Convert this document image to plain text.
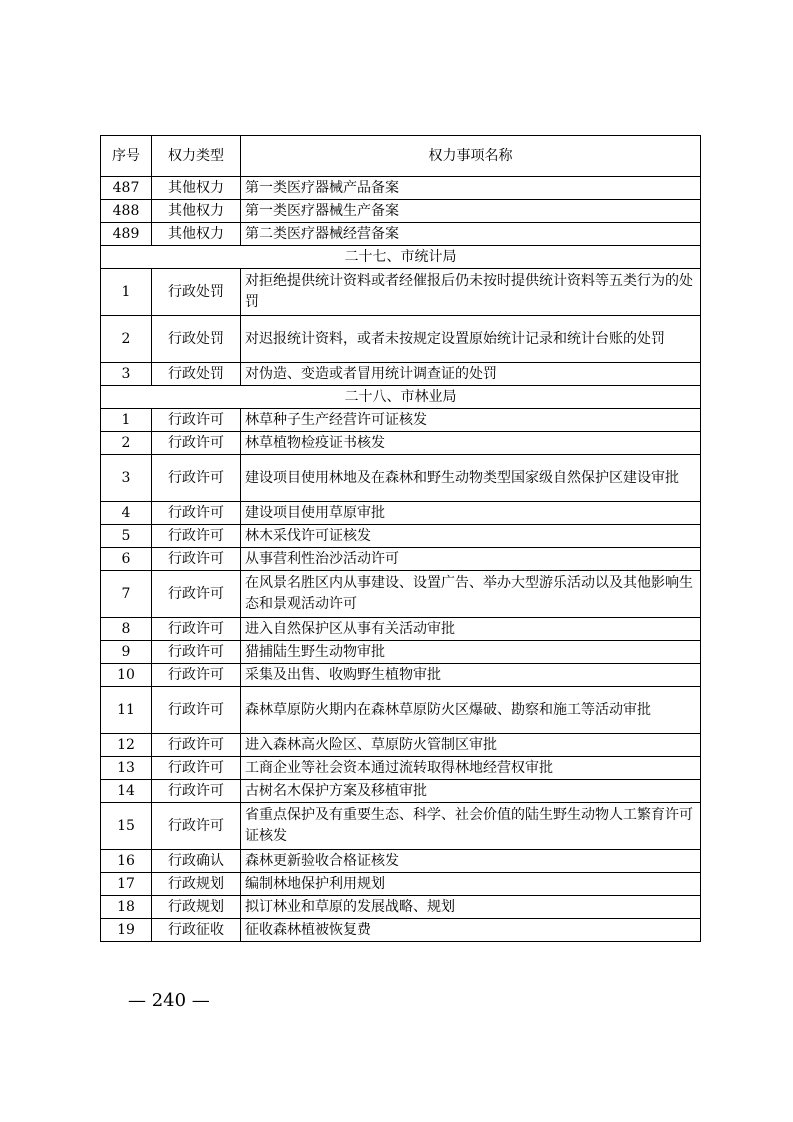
序号	权力类型	权力事项名称
487	其他权力	第一类医疗器械产品备案
488	其他权力	第一类医疗器械生产备案
489	其他权力	第二类医疗器械经营备案
二十七、市统计局		
1	行政处罚	对拒绝提供统计资料或者经催报后仍未按时提供统计资料等五类行为的处罚
2	行政处罚	对迟报统计资料，或者未按规定设置原始统计记录和统计台账的处罚
3	行政处罚	对伪造、变造或者冒用统计调查证的处罚
二十八、市林业局		
1	行政许可	林草种子生产经营许可证核发
2	行政许可	林草植物检疫证书核发
3	行政许可	建设项目使用林地及在森林和野生动物类型国家级自然保护区建设审批
4	行政许可	建设项目使用草原审批
5	行政许可	林木采伐许可证核发
6	行政许可	从事营利性治沙活动许可
7	行政许可	在风景名胜区内从事建设、设置广告、举办大型游乐活动以及其他影响生态和景观活动许可
8	行政许可	进入自然保护区从事有关活动审批
9	行政许可	猎捕陆生野生动物审批
10	行政许可	采集及出售、收购野生植物审批
11	行政许可	森林草原防火期内在森林草原防火区爆破、勘察和施工等活动审批
12	行政许可	进入森林高火险区、草原防火管制区审批
13	行政许可	工商企业等社会资本通过流转取得林地经营权审批
14	行政许可	古树名木保护方案及移植审批
15	行政许可	省重点保护及有重要生态、科学、社会价值的陆生野生动物人工繁育许可证核发
16	行政确认	森林更新验收合格证核发
17	行政规划	编制林地保护利用规划
18	行政规划	拟订林业和草原的发展战略、规划
19	行政征收	征收森林植被恢复费
— 240 —
